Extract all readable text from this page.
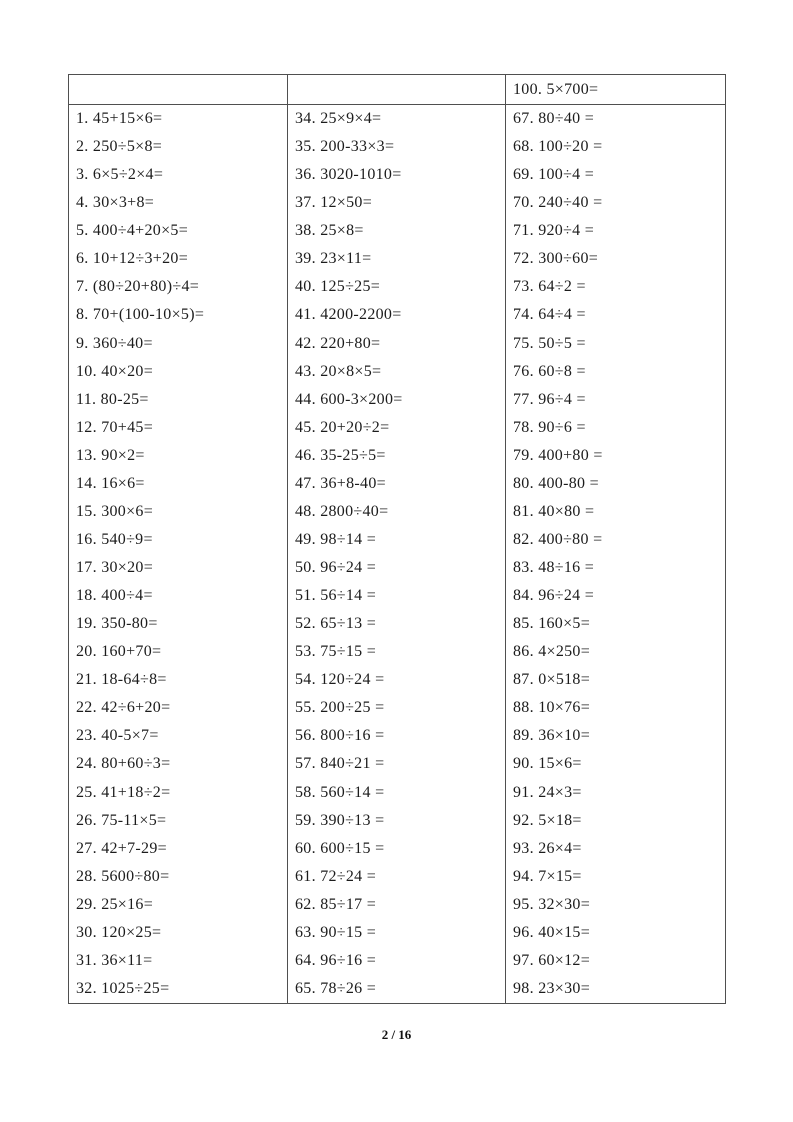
100. 5×700=
1. 45+15×6=
2. 250÷5×8=
3. 6×5÷2×4=
4. 30×3+8=
5. 400÷4+20×5=
6. 10+12÷3+20=
7. (80÷20+80)÷4=
8. 70+(100-10×5)=
9. 360÷40=
10. 40×20=
11. 80-25=
12. 70+45=
13. 90×2=
14. 16×6=
15. 300×6=
16. 540÷9=
17. 30×20=
18. 400÷4=
19. 350-80=
20. 160+70=
21. 18-64÷8=
22. 42÷6+20=
23. 40-5×7=
24. 80+60÷3=
25. 41+18÷2=
26. 75-11×5=
27. 42+7-29=
28. 5600÷80=
29. 25×16=
30. 120×25=
31. 36×11=
32. 1025÷25=
34. 25×9×4=
35. 200-33×3=
36. 3020-1010=
37. 12×50=
38. 25×8=
39. 23×11=
40. 125÷25=
41. 4200-2200=
42. 220+80=
43. 20×8×5=
44. 600-3×200=
45. 20+20÷2=
46. 35-25÷5=
47. 36+8-40=
48. 2800÷40=
49. 98÷14 =
50. 96÷24 =
51. 56÷14 =
52. 65÷13 =
53. 75÷15 =
54. 120÷24 =
55. 200÷25 =
56. 800÷16 =
57. 840÷21 =
58. 560÷14 =
59. 390÷13 =
60. 600÷15 =
61. 72÷24 =
62. 85÷17 =
63. 90÷15 =
64. 96÷16 =
65. 78÷26 =
67. 80÷40 =
68. 100÷20 =
69. 100÷4 =
70. 240÷40 =
71. 920÷4 =
72. 300÷60=
73. 64÷2 =
74. 64÷4 =
75. 50÷5 =
76. 60÷8 =
77. 96÷4 =
78. 90÷6 =
79. 400+80 =
80. 400-80 =
81. 40×80 =
82. 400÷80 =
83. 48÷16 =
84. 96÷24 =
85. 160×5=
86. 4×250=
87. 0×518=
88. 10×76=
89. 36×10=
90. 15×6=
91. 24×3=
92. 5×18=
93. 26×4=
94. 7×15=
95. 32×30=
96. 40×15=
97. 60×12=
98. 23×30=
2 / 16
